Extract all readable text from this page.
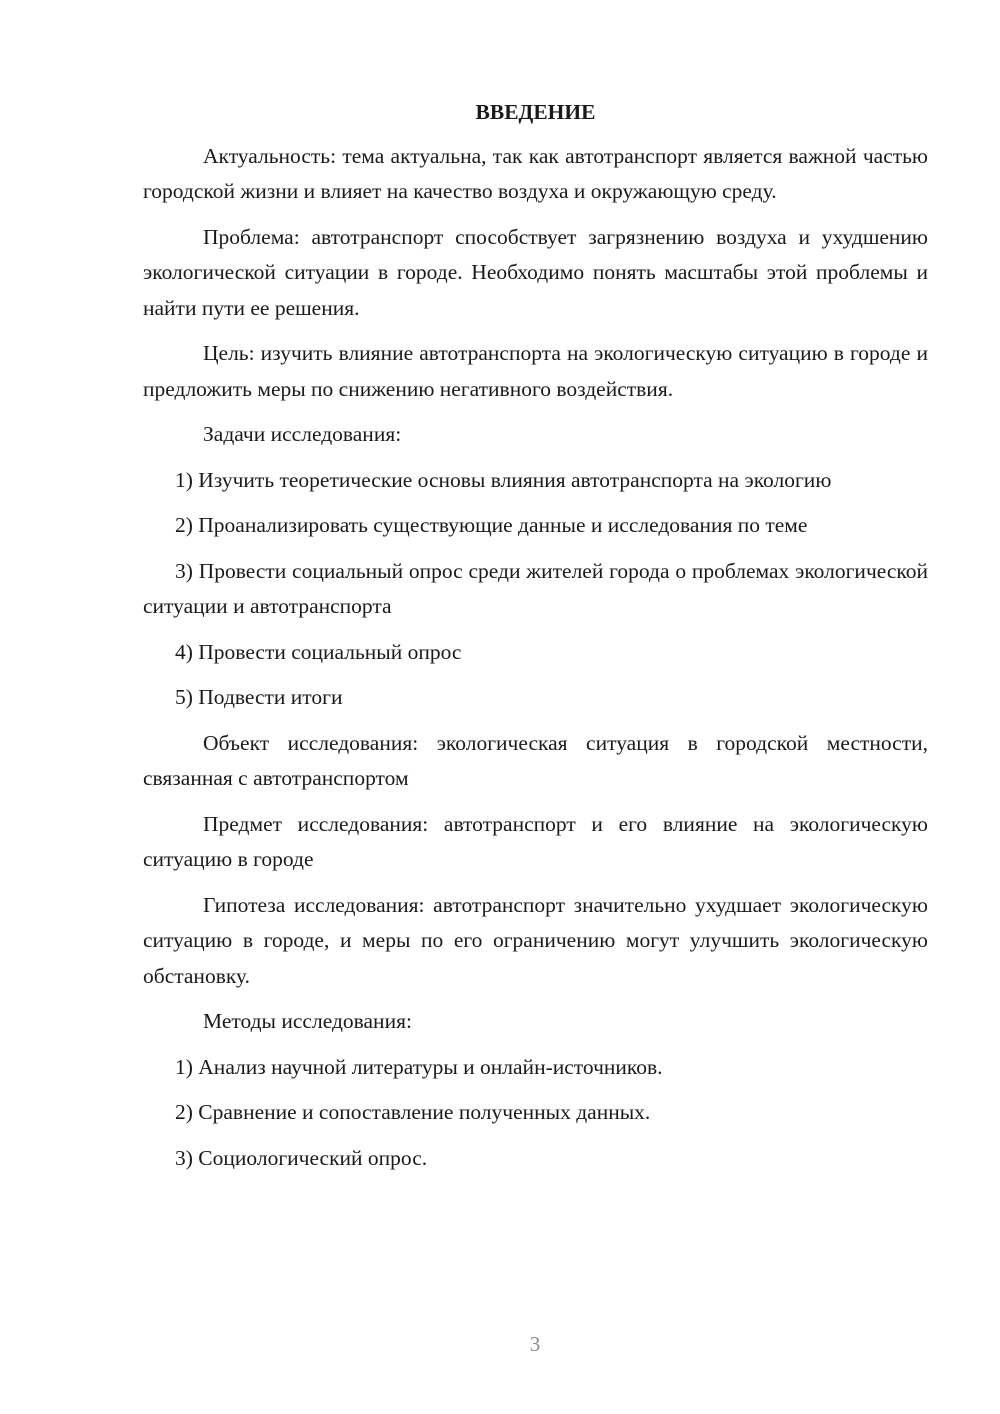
ВВЕДЕНИЕ

Актуальность: тема актуальна, так как автотранспорт является важной частью городской жизни и влияет на качество воздуха и окружающую среду.

Проблема: автотранспорт способствует загрязнению воздуха и ухудшению экологической ситуации в городе. Необходимо понять масштабы этой проблемы и найти пути ее решения.

Цель: изучить влияние автотранспорта на экологическую ситуацию в городе и предложить меры по снижению негативного воздействия.

Задачи исследования:

1) Изучить теоретические основы влияния автотранспорта на экологию

2) Проанализировать существующие данные и исследования по теме

3) Провести социальный опрос среди жителей города о проблемах экологической ситуации и автотранспорта

4) Провести социальный опрос

5) Подвести итоги

Объект исследования: экологическая ситуация в городской местности, связанная с автотранспортом

Предмет исследования: автотранспорт и его влияние на экологическую ситуацию в городе

Гипотеза исследования: автотранспорт значительно ухудшает экологическую ситуацию в городе, и меры по его ограничению могут улучшить экологическую обстановку.

Методы исследования:

1) Анализ научной литературы и онлайн-источников.

2) Сравнение и сопоставление полученных данных.

3) Социологический опрос.

3
